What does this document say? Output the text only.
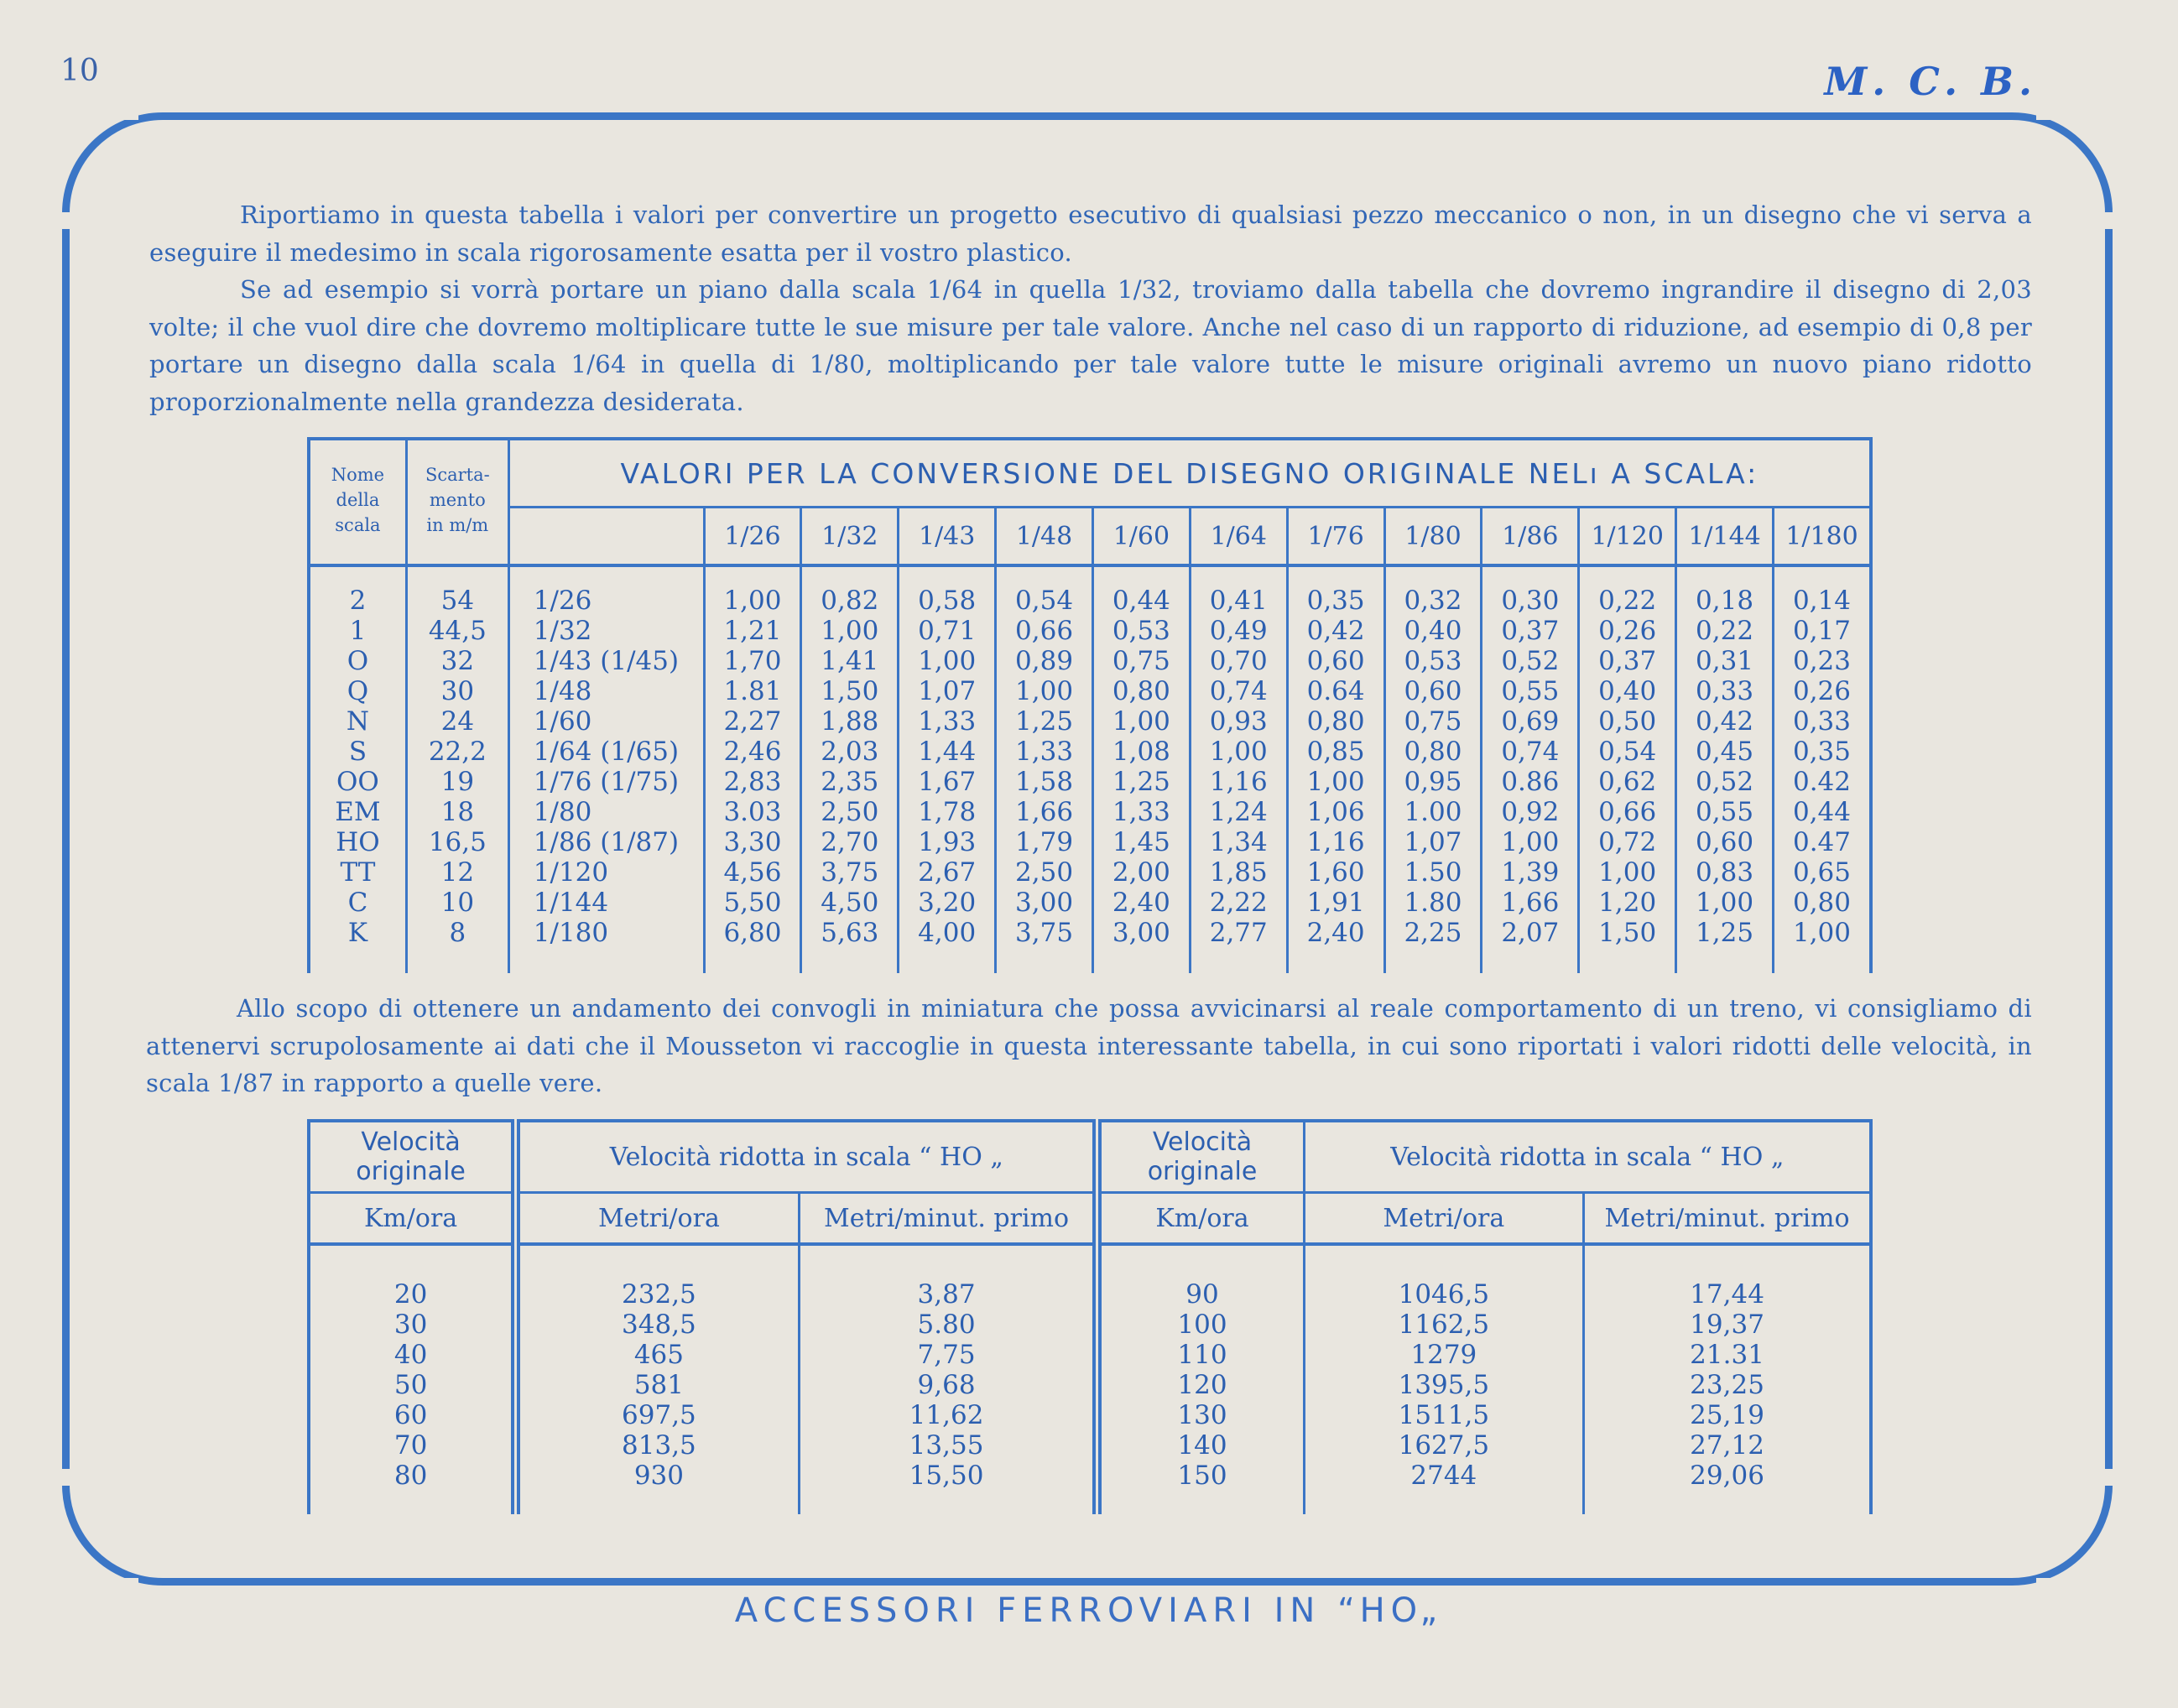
10	M. C. B.

Riportiamo in questa tabella i valori per convertire un progetto esecutivo di qualsiasi pezzo meccanico o non, in un disegno che vi serva a eseguire il medesimo in scala rigorosamente esatta per il vostro plastico.

Se ad esempio si vorrà portare un piano dalla scala 1/64 in quella 1/32, troviamo dalla tabella che dovremo ingrandire il disegno di 2,03 volte; il che vuol dire che dovremo moltiplicare tutte le sue misure per tale valore. Anche nel caso di un rapporto di riduzione, ad esempio di 0,8 per portare un disegno dalla scala 1/64 in quella di 1/80, moltiplicando per tale valore tutte le misure originali avremo un nuovo piano ridotto proporzionalmente nella grandezza desiderata.

Nome
della
scala	Scarta-
mento
in m/m	VALORI PER LA CONVERSIONE DEL DISEGNO ORIGINALE NELı A SCALA:												
			1/26	1/32	1/43	1/48	1/60	1/64	1/76	1/80	1/86	1/120	1/144	1/180

2	54	1/26	1,00	0,82	0,58	0,54	0,44	0,41	0,35	0,32	0,30	0,22	0,18	0,14
1	44,5	1/32	1,21	1,00	0,71	0,66	0,53	0,49	0,42	0,40	0,37	0,26	0,22	0,17
O	32	1/43 (1/45)	1,70	1,41	1,00	0,89	0,75	0,70	0,60	0,53	0,52	0,37	0,31	0,23
Q	30	1/48	1.81	1,50	1,07	1,00	0,80	0,74	0.64	0,60	0,55	0,40	0,33	0,26
N	24	1/60	2,27	1,88	1,33	1,25	1,00	0,93	0,80	0,75	0,69	0,50	0,42	0,33
S	22,2	1/64 (1/65)	2,46	2,03	1,44	1,33	1,08	1,00	0,85	0,80	0,74	0,54	0,45	0,35
OO	19	1/76 (1/75)	2,83	2,35	1,67	1,58	1,25	1,16	1,00	0,95	0.86	0,62	0,52	0.42
EM	18	1/80	3.03	2,50	1,78	1,66	1,33	1,24	1,06	1.00	0,92	0,66	0,55	0,44
HO	16,5	1/86 (1/87)	3,30	2,70	1,93	1,79	1,45	1,34	1,16	1,07	1,00	0,72	0,60	0.47
TT	12	1/120	4,56	3,75	2,67	2,50	2,00	1,85	1,60	1.50	1,39	1,00	0,83	0,65
C	10	1/144	5,50	4,50	3,20	3,00	2,40	2,22	1,91	1.80	1,66	1,20	1,00	0,80
K	8	1/180	6,80	5,63	4,00	3,75	3,00	2,77	2,40	2,25	2,07	1,50	1,25	1,00

Allo scopo di ottenere un andamento dei convogli in miniatura che possa avvicinarsi al reale comportamento di un treno, vi consigliamo di attenervi scrupolosamente ai dati che il Mousseton vi raccoglie in questa interessante tabella, in cui sono riportati i valori ridotti delle velocità, in scala 1/87 in rapporto a quelle vere.

Velocità originale	Velocità ridotta in scala “ HO „		Velocità originale	Velocità ridotta in scala “ HO „	
Km/ora	Metri/ora	Metri/minut. primo	Km/ora	Metri/ora	Metri/minut. primo

20	232,5	3,87	90	1046,5	17,44
30	348,5	5.80	100	1162,5	19,37
40	465	7,75	110	1279	21.31
50	581	9,68	120	1395,5	23,25
60	697,5	11,62	130	1511,5	25,19
70	813,5	13,55	140	1627,5	27,12
80	930	15,50	150	2744	29,06

ACCESSORI FERROVIARI IN “HO„
